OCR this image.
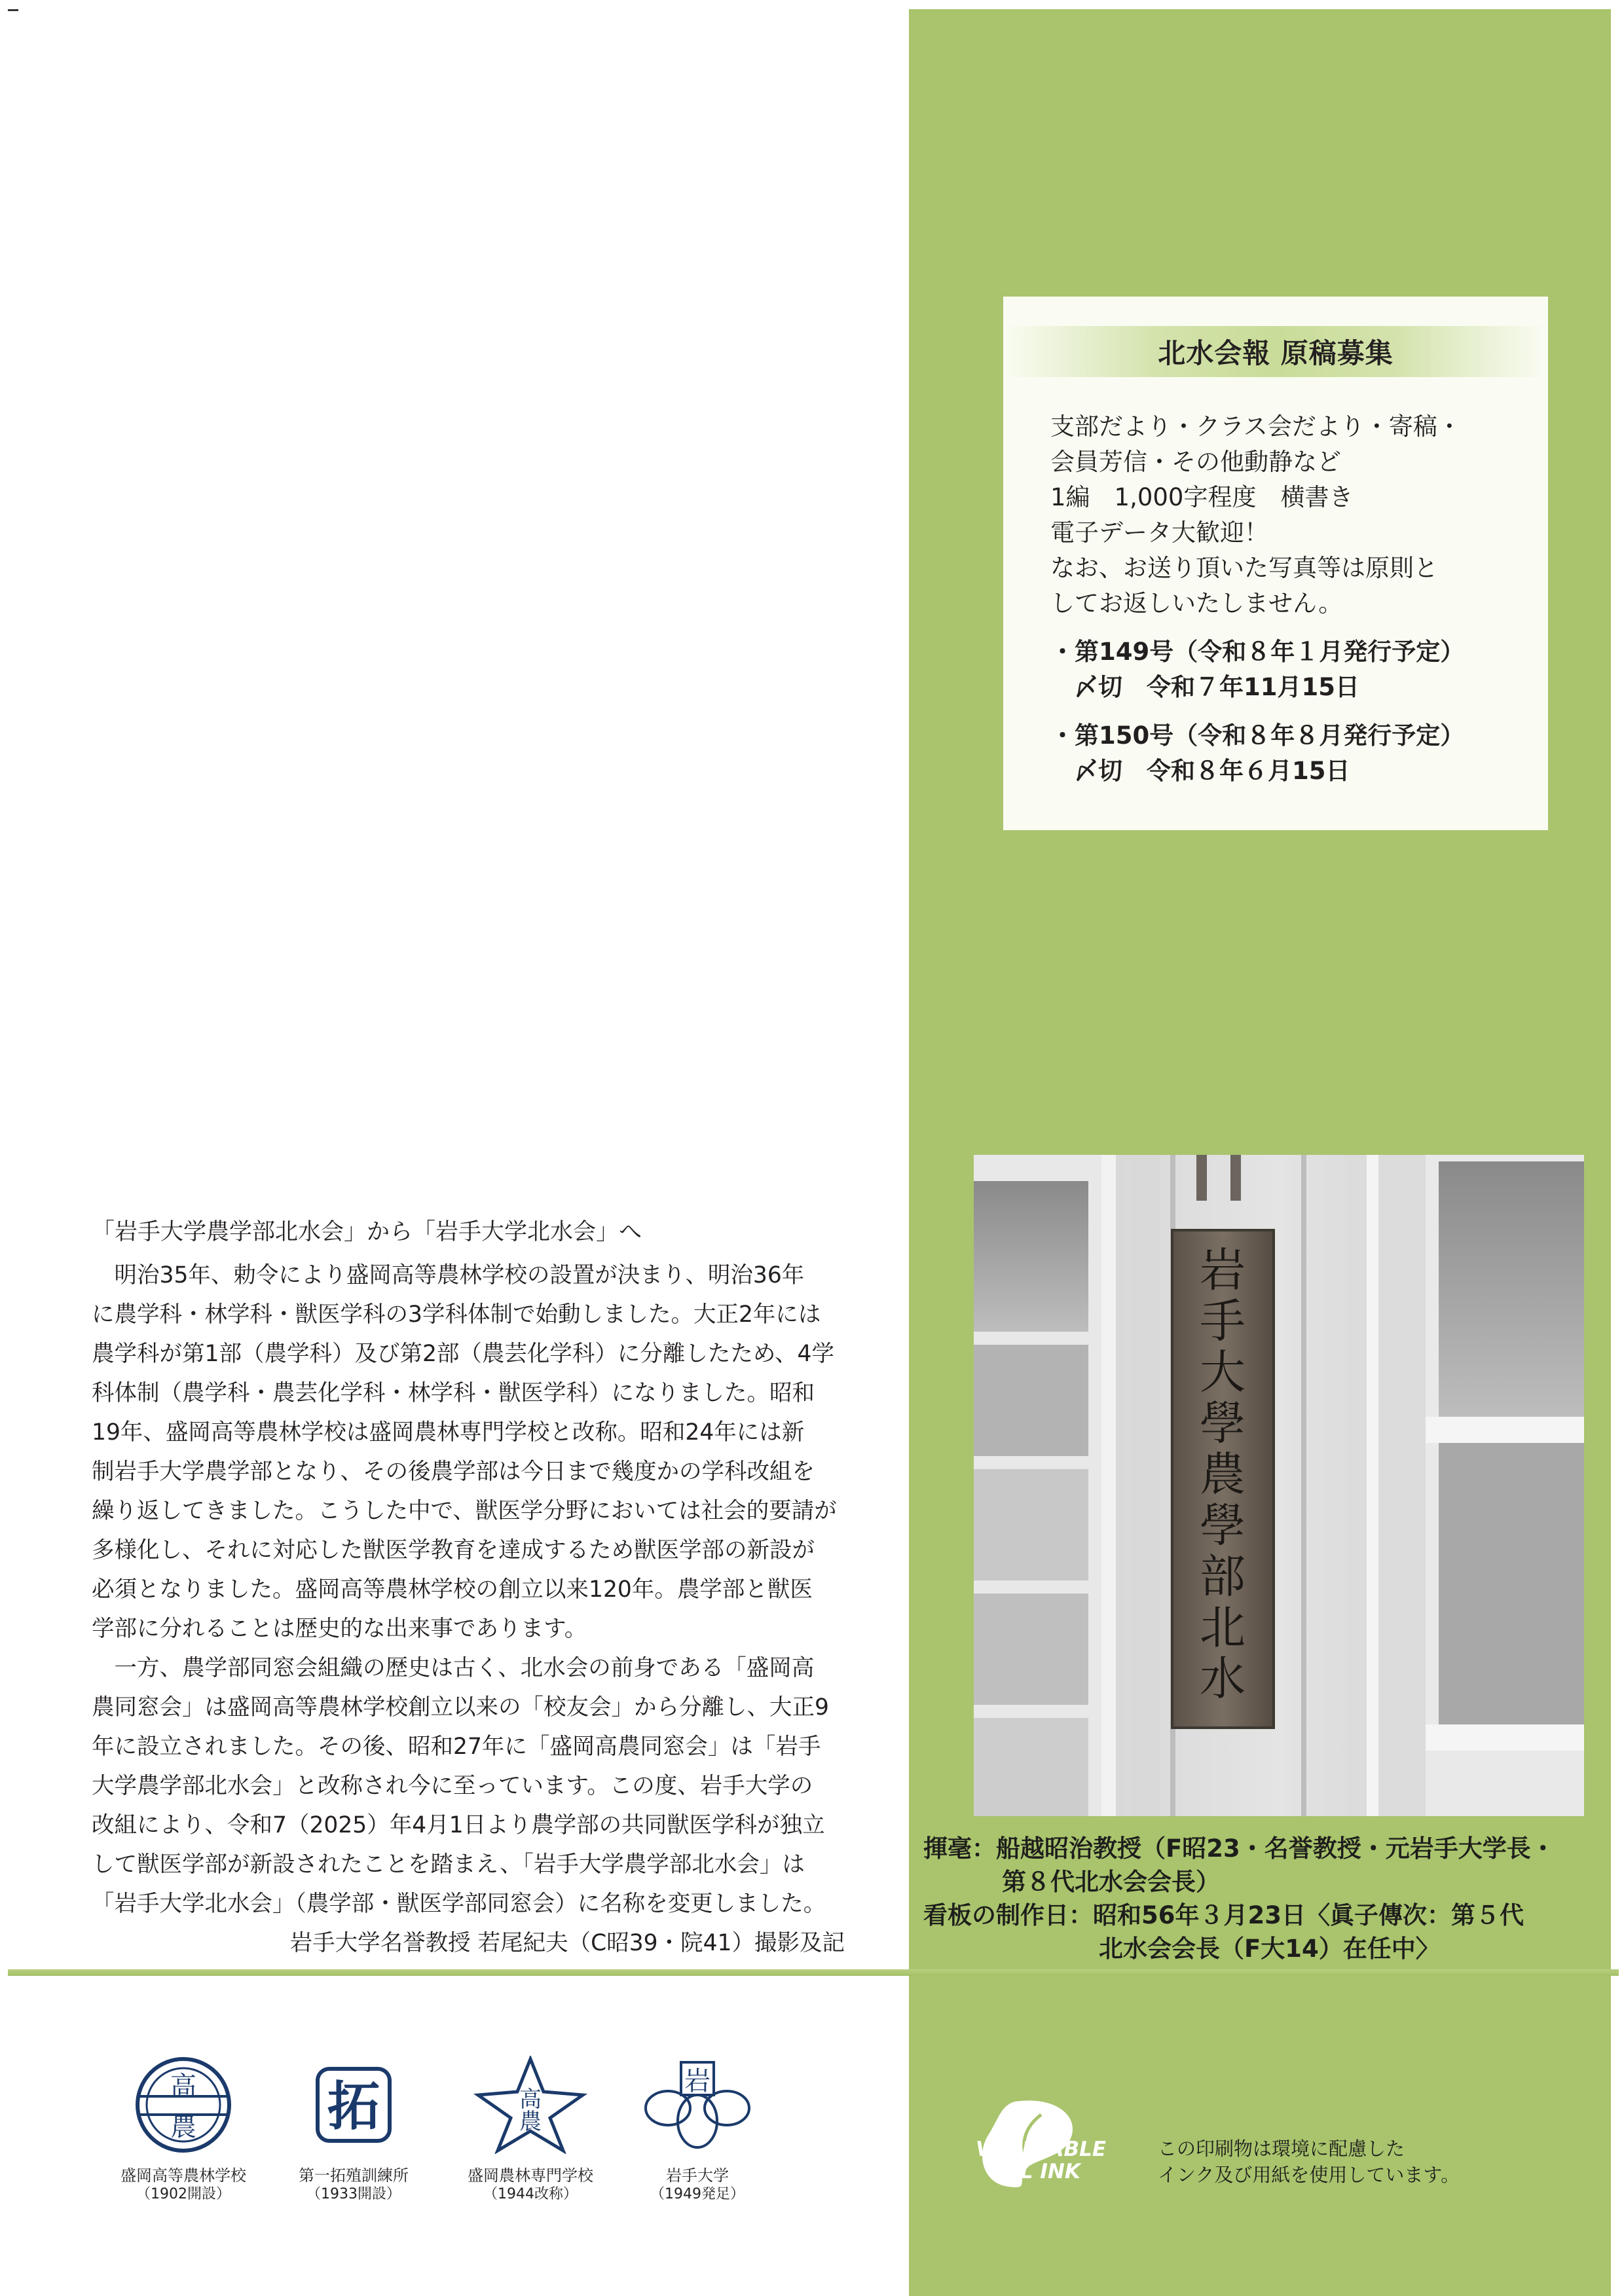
北水会報 原稿募集
支部だより・クラス会だより・寄稿・
会員芳信・その他動静など
1編　1,000字程度　横書き
電子データ大歓迎！
なお、お送り頂いた写真等は原則と
してお返しいたしません。
・第149号（令和８年１月発行予定）
〆切　令和７年11月15日
・第150号（令和８年８月発行予定）
〆切　令和８年６月15日
岩
手
大
學
農
學
部
北
水
揮毫：船越昭治教授（F昭23・名誉教授・元岩手大学長・
第８代北水会会長）
看板の制作日：昭和56年３月23日〈眞子傳次：第５代
北水会会長（F大14）在任中〉
「岩手大学農学部北水会」から「岩手大学北水会」へ
　明治35年、勅令により盛岡高等農林学校の設置が決まり、明治36年
に農学科・林学科・獣医学科の3学科体制で始動しました。大正2年には
農学科が第1部（農学科）及び第2部（農芸化学科）に分離したため、4学
科体制（農学科・農芸化学科・林学科・獣医学科）になりました。昭和
19年、盛岡高等農林学校は盛岡農林専門学校と改称。昭和24年には新
制岩手大学農学部となり、その後農学部は今日まで幾度かの学科改組を
繰り返してきました。こうした中で、獣医学分野においては社会的要請が
多様化し、それに対応した獣医学教育を達成するため獣医学部の新設が
必須となりました。盛岡高等農林学校の創立以来120年。農学部と獣医
学部に分れることは歴史的な出来事であります。
　一方、農学部同窓会組織の歴史は古く、北水会の前身である「盛岡高
農同窓会」は盛岡高等農林学校創立以来の「校友会」から分離し、大正9
年に設立されました。その後、昭和27年に「盛岡高農同窓会」は「岩手
大学農学部北水会」と改称され今に至っています。この度、岩手大学の
改組により、令和7（2025）年4月1日より農学部の共同獣医学科が独立
して獣医学部が新設されたことを踏まえ、「岩手大学農学部北水会」は
「岩手大学北水会」（農学部・獣医学部同窓会）に名称を変更しました。
岩手大学名誉教授 若尾紀夫（C昭39・院41）撮影及記
高
農
盛岡高等農林学校
（1902開設）
拓
第一拓殖訓練所
（1933開設）
高
農
盛岡農林専門学校
（1944改称）
岩
岩手大学
（1949発足）
VEGETABLE
OIL INK
この印刷物は環境に配慮した
インク及び用紙を使用しています。
